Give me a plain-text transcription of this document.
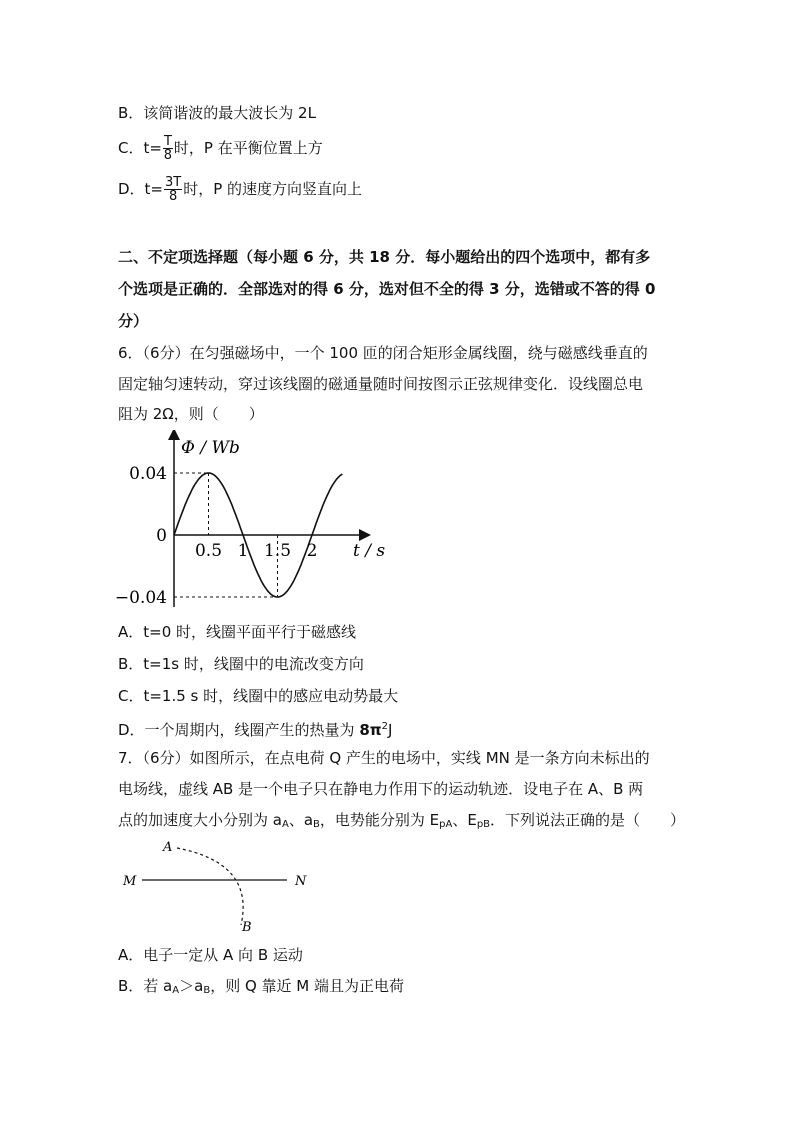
B．该简谐波的最大波长为 2L
C．$t= \frac{T}{8}$ 时，P 在平衡位置上方
D．$t= \frac{3T}{8}$ 时，P 的速度方向竖直向上
二、不定项选择题（每小题 6 分，共 18 分．每小题给出的四个选项中，都有多
个选项是正确的．全部选对的得 6 分，选对但不全的得 3 分，选错或不答的得 0
分）
6．（6分）在匀强磁场中，一个 100 匝的闭合矩形金属线圈，绕与磁感线垂直的
固定轴匀速转动，穿过该线圈的磁通量随时间按图示正弦规律变化．设线圈总电
阻为 2Ω，则（　　）
0.5 1 1.5 2
0.04
0
−0.04
Φ / Wb
t / s
A．t=0 时，线圈平面平行于磁感线
B．t=1s 时，线圈中的电流改变方向
C．t=1.5 s 时，线圈中的感应电动势最大
D．一个周期内，线圈产生的热量为 $8\pi^2J$
7．（6分）如图所示，在点电荷 Q 产生的电场中，实线 MN 是一条方向未标出的
电场线，虚线 AB 是一个电子只在静电力作用下的运动轨迹．设电子在 A、B 两
点的加速度大小分别为 $a_A$、$a_B$，电势能分别为 $E_{pA}$、$E_{pB}$．下列说法正确的是（　　）
A
B
M	N
A．电子一定从 A 向 B 运动
B．若 $a_A>a_B$，则 Q 靠近 M 端且为正电荷
